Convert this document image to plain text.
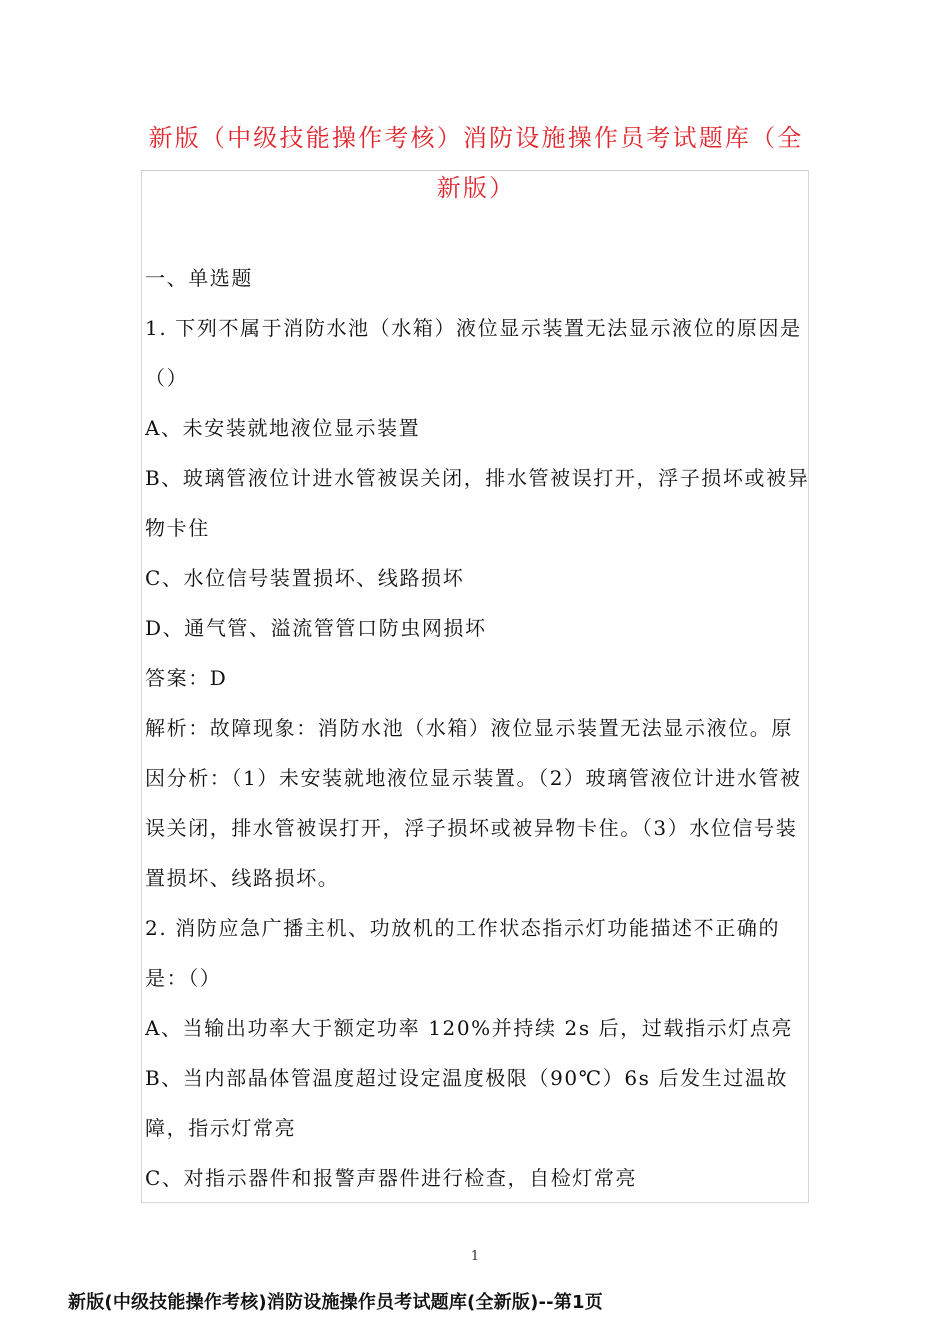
新版（中级技能操作考核）消防设施操作员考试题库（全新版）

一、单选题

1. 下列不属于消防水池（水箱）液位显示装置无法显示液位的原因是（）

A、未安装就地液位显示装置

B、玻璃管液位计进水管被误关闭，排水管被误打开，浮子损坏或被异物卡住

C、水位信号装置损坏、线路损坏

D、通气管、溢流管管口防虫网损坏

答案：D

解析：故障现象：消防水池（水箱）液位显示装置无法显示液位。原因分析：（1）未安装就地液位显示装置。（2）玻璃管液位计进水管被误关闭，排水管被误打开，浮子损坏或被异物卡住。（3）水位信号装置损坏、线路损坏。

2. 消防应急广播主机、功放机的工作状态指示灯功能描述不正确的是：（）

A、当输出功率大于额定功率 120%并持续 2s 后，过载指示灯点亮

B、当内部晶体管温度超过设定温度极限（90℃）6s 后发生过温故障，指示灯常亮

C、对指示器件和报警声器件进行检查，自检灯常亮

1
新版(中级技能操作考核)消防设施操作员考试题库(全新版)--第1页
